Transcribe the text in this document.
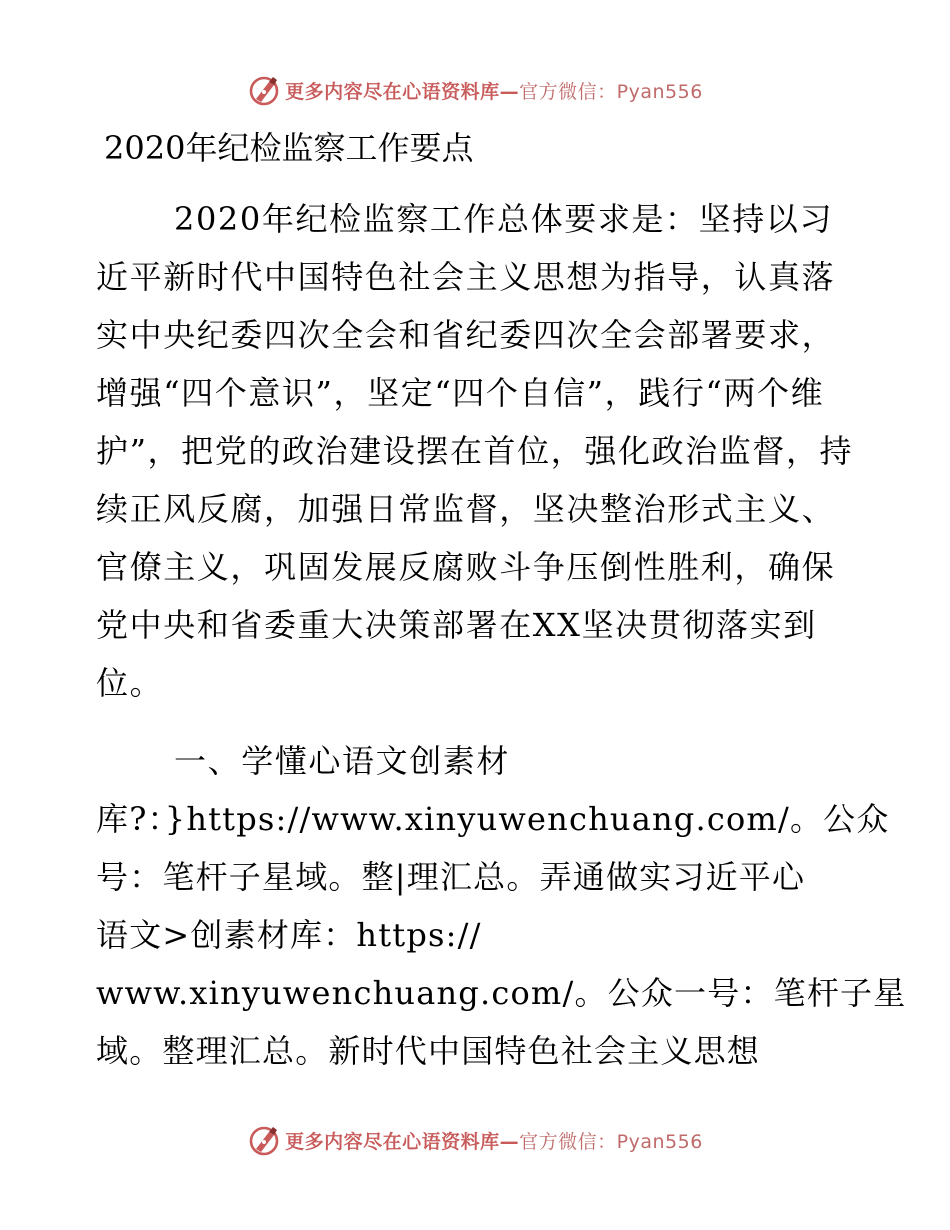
更多内容尽在心语资料库—官方微信：Pyan556
2020年纪检监察工作要点

2020年纪检监察工作总体要求是：坚持以习近平新时代中国特色社会主义思想为指导，认真落实中央纪委四次全会和省纪委四次全会部署要求，增强“四个意识”，坚定“四个自信”，践行“两个维护”，把党的政治建设摆在首位，强化政治监督，持续正风反腐，加强日常监督，坚决整治形式主义、官僚主义，巩固发展反腐败斗争压倒性胜利，确保党中央和省委重大决策部署在XX坚决贯彻落实到位。

一、学懂心语文创素材

库?：}https://www.xinyuwenchuang.com/。公众
号：笔杆子星域。整|理汇总。弄通做实习近平心
语文>创素材库：https://
www.xinyuwenchuang.com/。公众一号：笔杆子星
域。整理汇总。新时代中国特色社会主义思想

更多内容尽在心语资料库—官方微信：Pyan556
